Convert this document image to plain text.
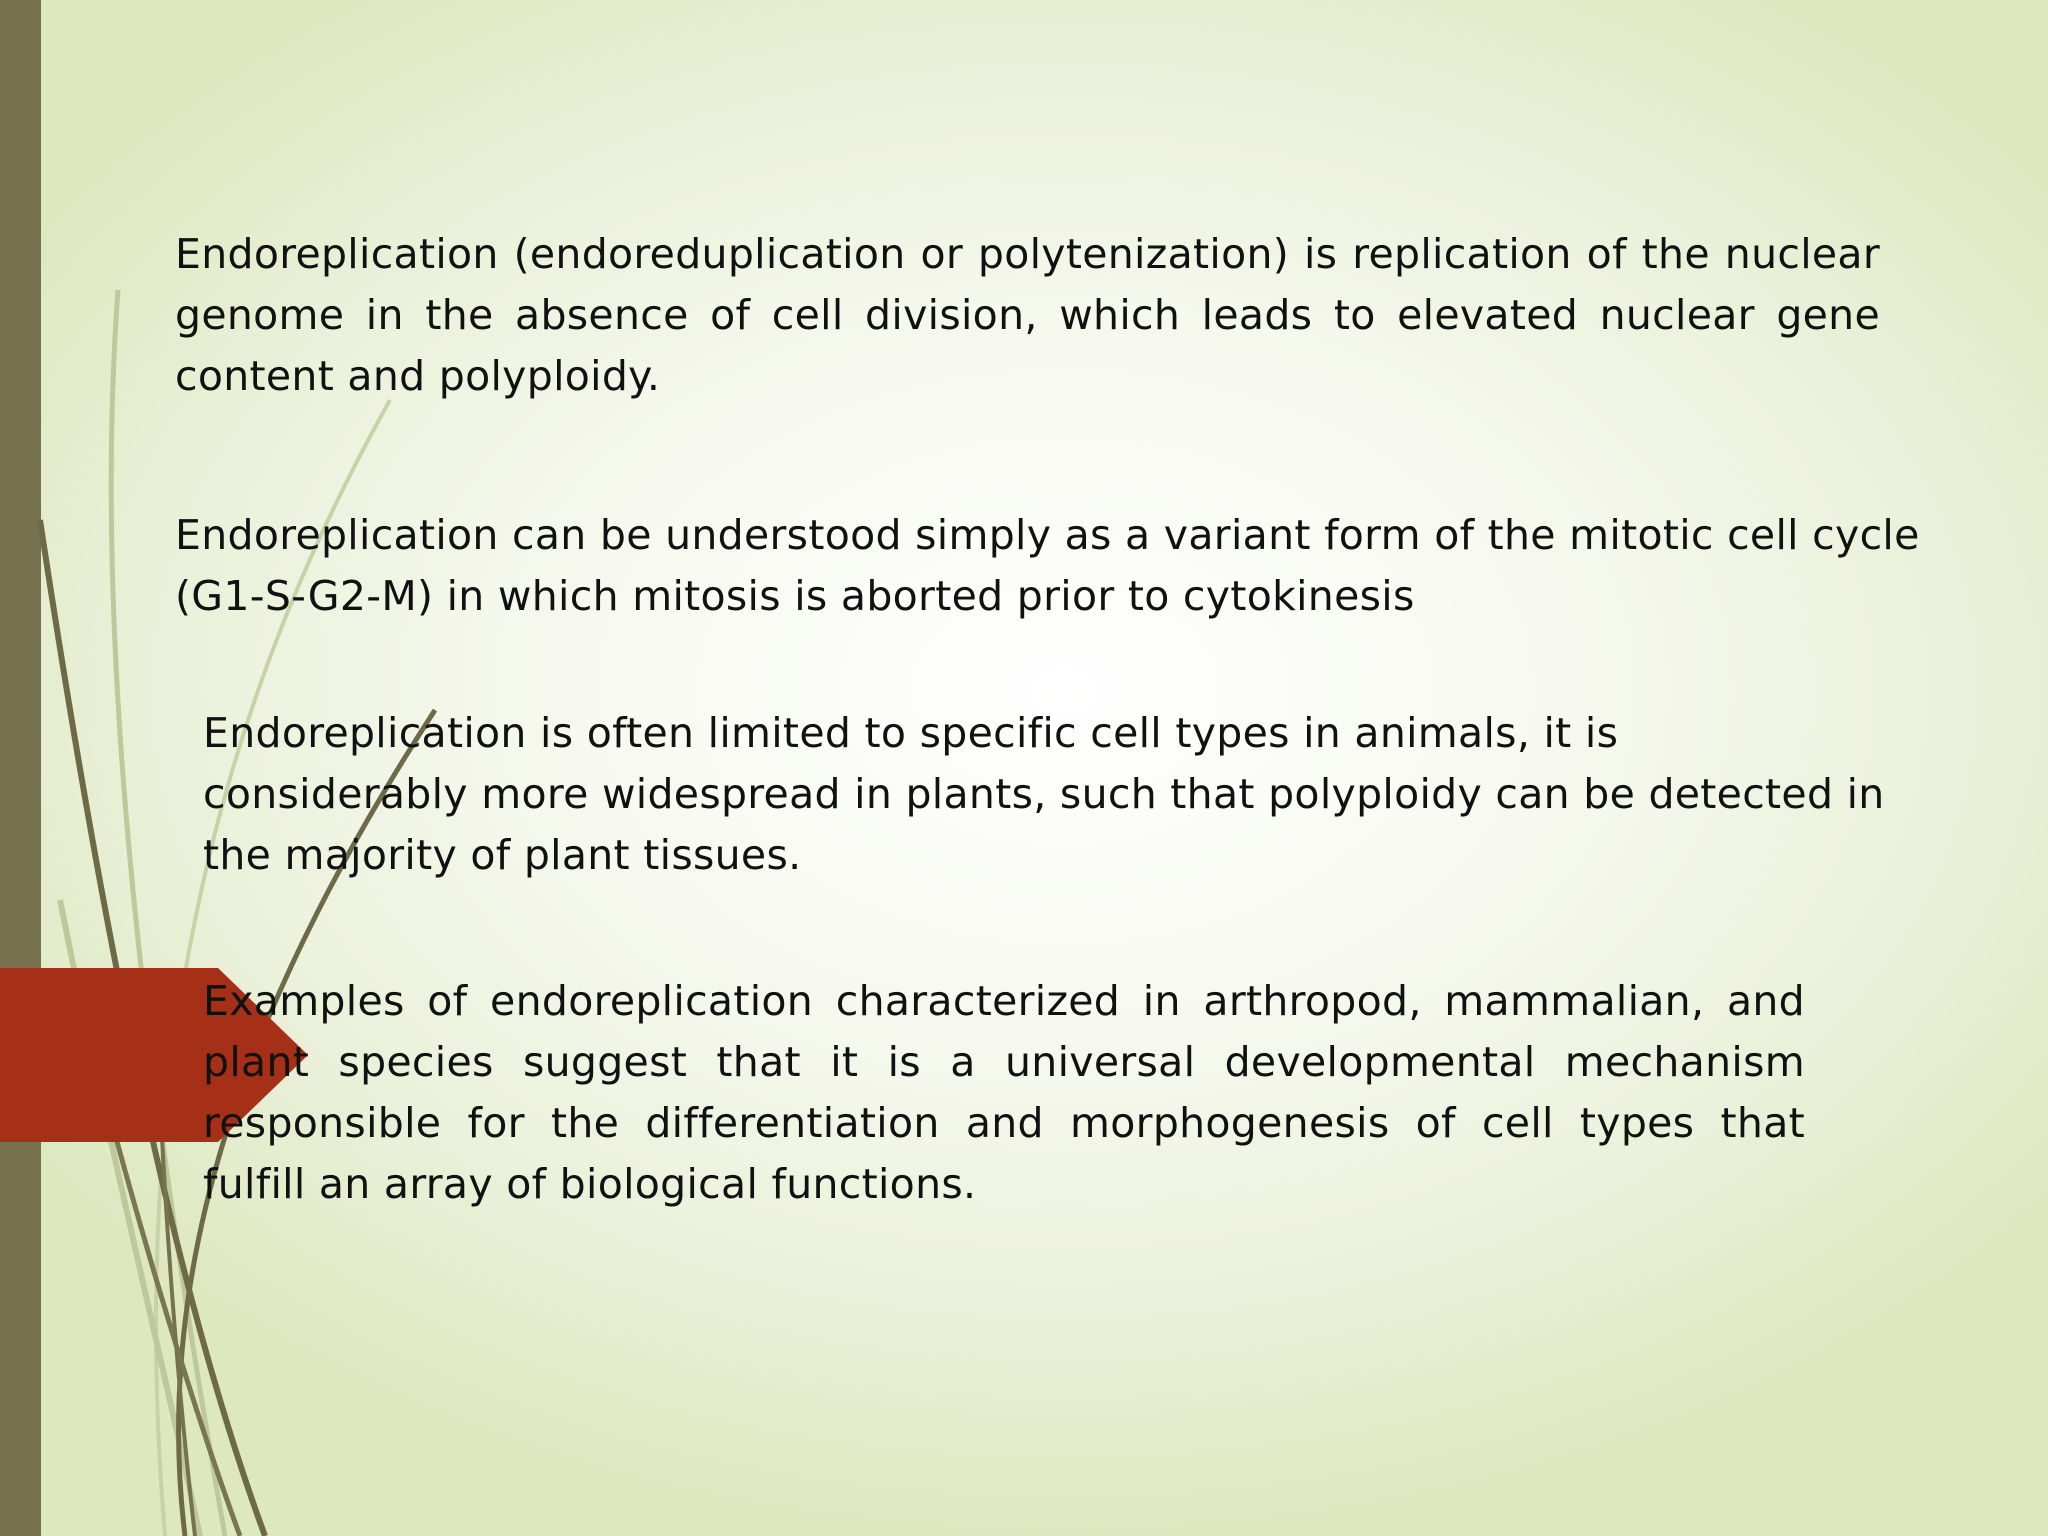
Endoreplication (endoreduplication or polytenization) is replication of the nuclear genome in the absence of cell division, which leads to elevated nuclear gene content and polyploidy.

Endoreplication can be understood simply as a variant form of the mitotic cell cycle (G1-S-G2-M) in which mitosis is aborted prior to cytokinesis

Endoreplication is often limited to specific cell types in animals, it is considerably more widespread in plants, such that polyploidy can be detected in the majority of plant tissues.

Examples of endoreplication characterized in arthropod, mammalian, and plant species suggest that it is a universal developmental mechanism responsible for the differentiation and morphogenesis of cell types that fulfill an array of biological functions.
